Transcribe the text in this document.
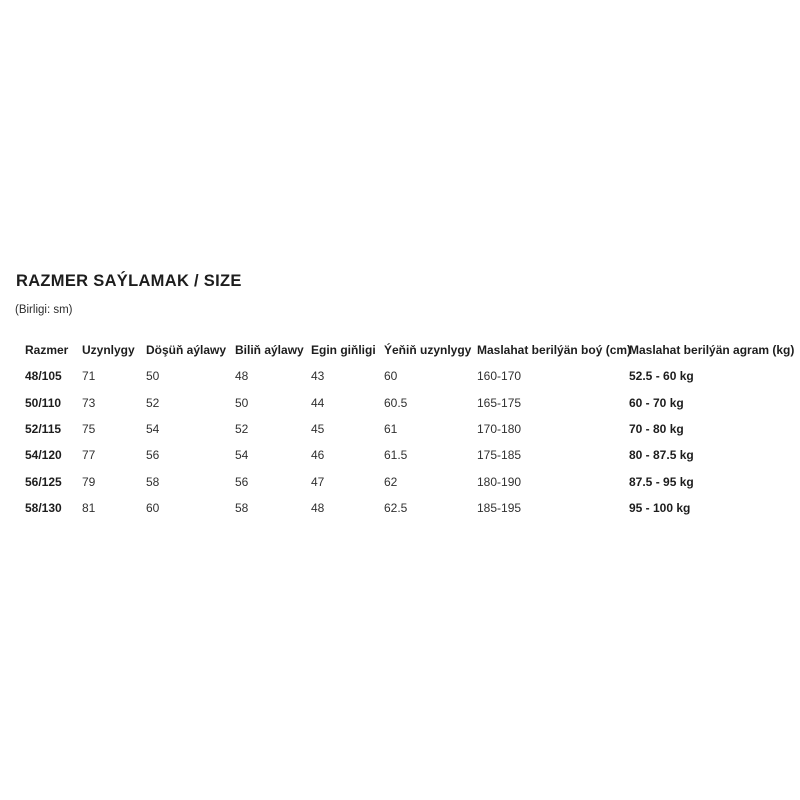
RAZMER SAÝLAMAK / SIZE
(Birligi: sm)
Razmer	Uzynlygy	Döşüň aýlawy	Biliň aýlawy	Egin giňligi	Ýeňiň uzynlygy	Maslahat berilýän boý (cm)	Maslahat berilýän agram (kg)
48/105	71	50	48	43	60	160-170	52.5 - 60 kg
50/110	73	52	50	44	60.5	165-175	60 - 70 kg
52/115	75	54	52	45	61	170-180	70 - 80 kg
54/120	77	56	54	46	61.5	175-185	80 - 87.5 kg
56/125	79	58	56	47	62	180-190	87.5 - 95 kg
58/130	81	60	58	48	62.5	185-195	95 - 100 kg
